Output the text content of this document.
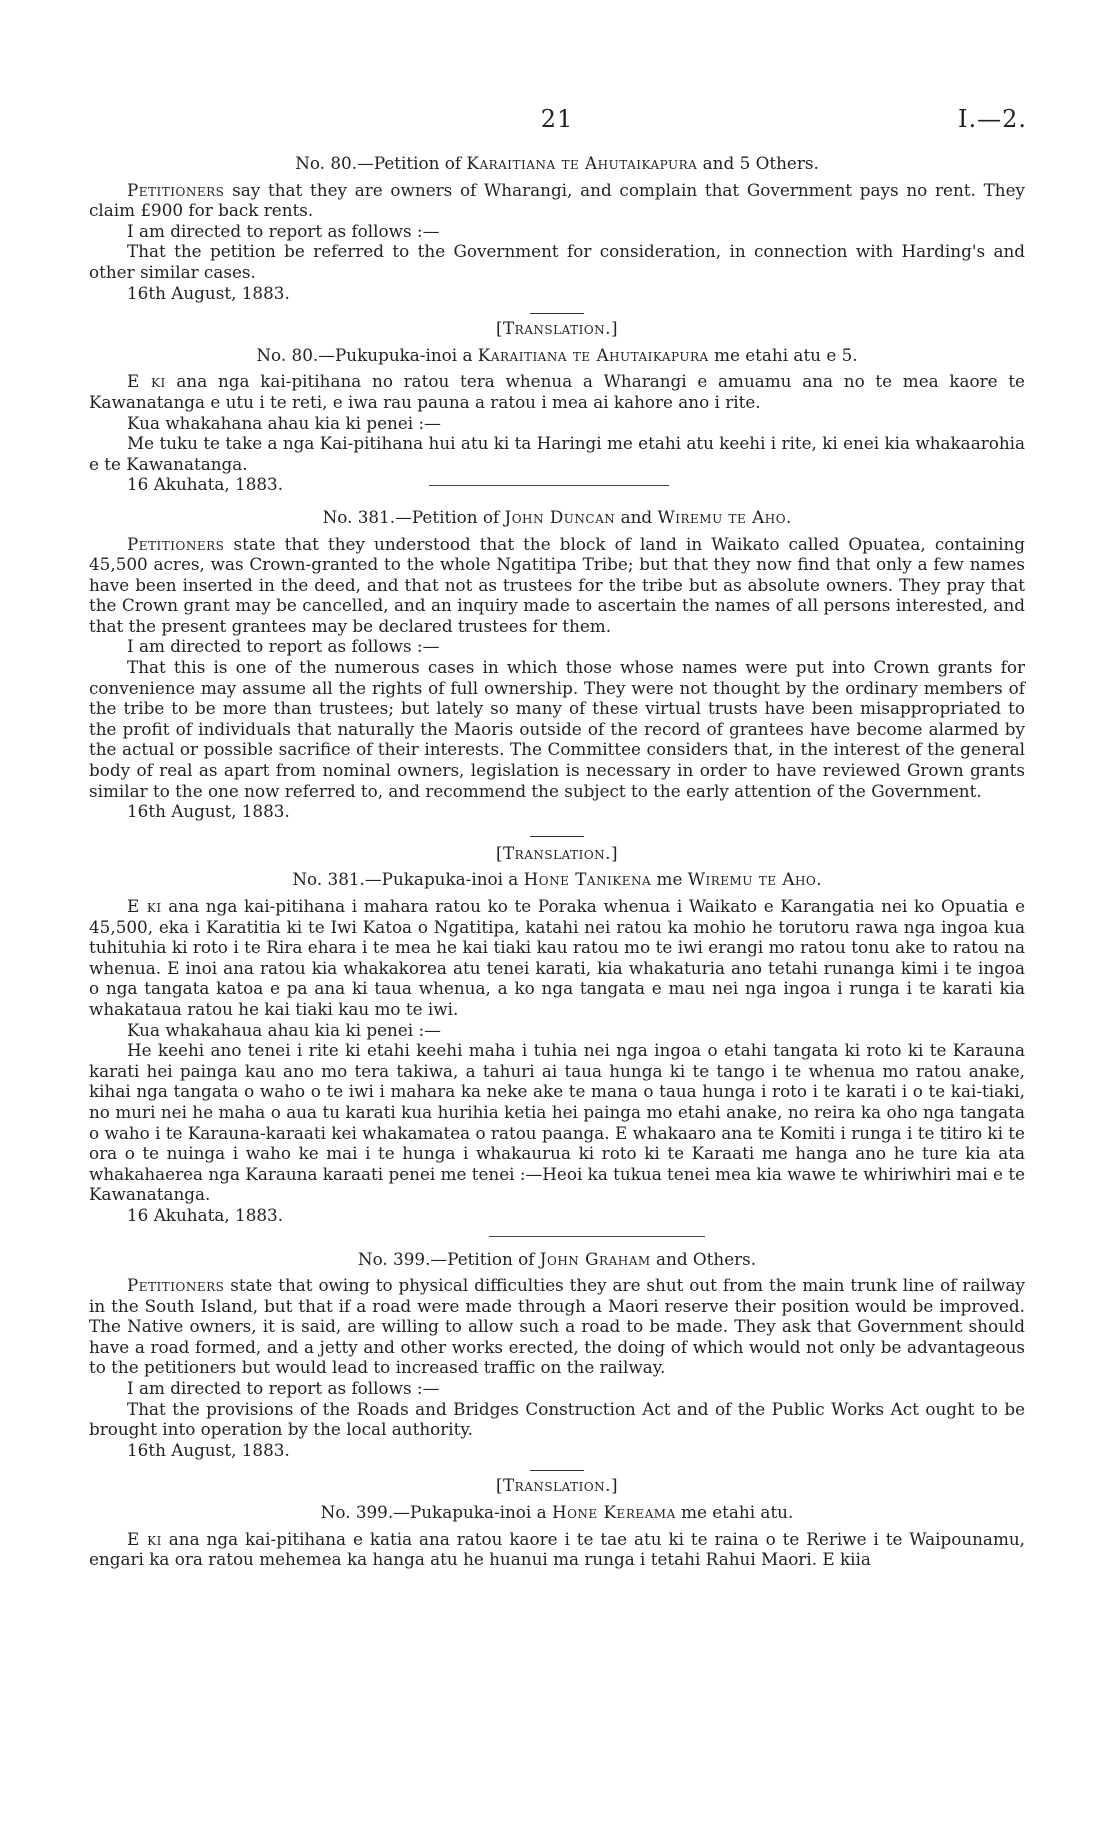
21	I.—2.

No. 80.—Petition of Karaitiana te Ahutaikapura and 5 Others.

Petitioners say that they are owners of Wharangi, and complain that Government pays no rent. They claim £900 for back rents.

I am directed to report as follows :—

That the petition be referred to the Government for consideration, in connection with Harding's and other similar cases.

16th August, 1883.

[Translation.]

No. 80.—Pukupuka-inoi a Karaitiana te Ahutaikapura me etahi atu e 5.

E ki ana nga kai-pitihana no ratou tera whenua a Wharangi e amuamu ana no te mea kaore te Kawanatanga e utu i te reti, e iwa rau pauna a ratou i mea ai kahore ano i rite.

Kua whakahana ahau kia ki penei :—

Me tuku te take a nga Kai-pitihana hui atu ki ta Haringi me etahi atu keehi i rite, ki enei kia whakaarohia e te Kawanatanga.

16 Akuhata, 1883.

No. 381.—Petition of John Duncan and Wiremu te Aho.

Petitioners state that they understood that the block of land in Waikato called Opuatea, containing 45,500 acres, was Crown-granted to the whole Ngatitipa Tribe; but that they now find that only a few names have been inserted in the deed, and that not as trustees for the tribe but as absolute owners. They pray that the Crown grant may be cancelled, and an inquiry made to ascertain the names of all persons interested, and that the present grantees may be declared trustees for them.

I am directed to report as follows :—

That this is one of the numerous cases in which those whose names were put into Crown grants for convenience may assume all the rights of full ownership. They were not thought by the ordinary members of the tribe to be more than trustees; but lately so many of these virtual trusts have been misappropriated to the profit of individuals that naturally the Maoris outside of the record of grantees have become alarmed by the actual or possible sacrifice of their interests. The Committee considers that, in the interest of the general body of real as apart from nominal owners, legislation is necessary in order to have reviewed Grown grants similar to the one now referred to, and recommend the subject to the early attention of the Government.

16th August, 1883.

[Translation.]

No. 381.—Pukapuka-inoi a Hone Tanikena me Wiremu te Aho.

E ki ana nga kai-pitihana i mahara ratou ko te Poraka whenua i Waikato e Karangatia nei ko Opuatia e 45,500, eka i Karatitia ki te Iwi Katoa o Ngatitipa, katahi nei ratou ka mohio he torutoru rawa nga ingoa kua tuhituhia ki roto i te Rira ehara i te mea he kai tiaki kau ratou mo te iwi erangi mo ratou tonu ake to ratou na whenua. E inoi ana ratou kia whakakorea atu tenei karati, kia whakaturia ano tetahi runanga kimi i te ingoa o nga tangata katoa e pa ana ki taua whenua, a ko nga tangata e mau nei nga ingoa i runga i te karati kia whakataua ratou he kai tiaki kau mo te iwi.

Kua whakahaua ahau kia ki penei :—

He keehi ano tenei i rite ki etahi keehi maha i tuhia nei nga ingoa o etahi tangata ki roto ki te Karauna karati hei painga kau ano mo tera takiwa, a tahuri ai taua hunga ki te tango i te whenua mo ratou anake, kihai nga tangata o waho o te iwi i mahara ka neke ake te mana o taua hunga i roto i te karati i o te kai-tiaki, no muri nei he maha o aua tu karati kua hurihia ketia hei painga mo etahi anake, no reira ka oho nga tangata o waho i te Karauna-karaati kei whakamatea o ratou paanga. E whakaaro ana te Komiti i runga i te titiro ki te ora o te nuinga i waho ke mai i te hunga i whakaurua ki roto ki te Karaati me hanga ano he ture kia ata whakahaerea nga Karauna karaati penei me tenei :—Heoi ka tukua tenei mea kia wawe te whiriwhiri mai e te Kawanatanga.

16 Akuhata, 1883.

No. 399.—Petition of John Graham and Others.

Petitioners state that owing to physical difficulties they are shut out from the main trunk line of railway in the South Island, but that if a road were made through a Maori reserve their position would be improved. The Native owners, it is said, are willing to allow such a road to be made. They ask that Government should have a road formed, and a jetty and other works erected, the doing of which would not only be advantageous to the petitioners but would lead to increased traffic on the railway.

I am directed to report as follows :—

That the provisions of the Roads and Bridges Construction Act and of the Public Works Act ought to be brought into operation by the local authority.

16th August, 1883.

[Translation.]

No. 399.—Pukapuka-inoi a Hone Kereama me etahi atu.

E ki ana nga kai-pitihana e katia ana ratou kaore i te tae atu ki te raina o te Reriwe i te Waipounamu, engari ka ora ratou mehemea ka hanga atu he huanui ma runga i tetahi Rahui Maori. E kiia
